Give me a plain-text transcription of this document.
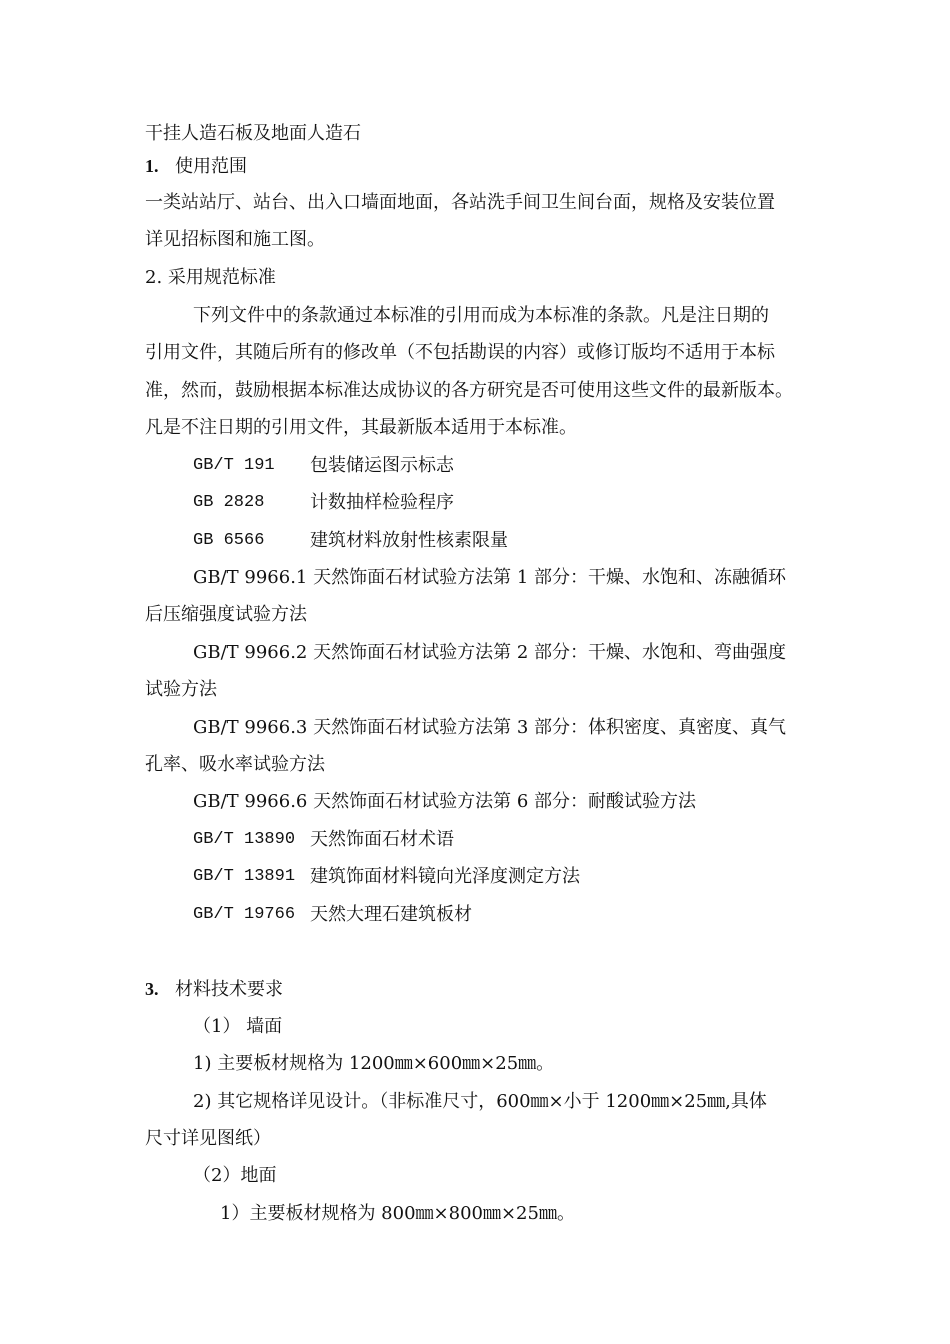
干挂人造石板及地面人造石
1. 使用范围
一类站站厅、站台、出入口墙面地面，各站洗手间卫生间台面，规格及安装位置
详见招标图和施工图。
2. 采用规范标准
下列文件中的条款通过本标准的引用而成为本标准的条款。凡是注日期的
引用文件，其随后所有的修改单（不包括勘误的内容）或修订版均不适用于本标
准，然而，鼓励根据本标准达成协议的各方研究是否可使用这些文件的最新版本。
凡是不注日期的引用文件，其最新版本适用于本标准。
GB/T 191 包装储运图示标志
GB 2828	计数抽样检验程序
GB 6566	建筑材料放射性核素限量
GB/T 9966.1 天然饰面石材试验方法第 1 部分：干燥、水饱和、冻融循环
后压缩强度试验方法
GB/T 9966.2 天然饰面石材试验方法第 2 部分：干燥、水饱和、弯曲强度
试验方法
GB/T 9966.3 天然饰面石材试验方法第 3 部分：体积密度、真密度、真气
孔率、吸水率试验方法
GB/T 9966.6 天然饰面石材试验方法第 6 部分：耐酸试验方法
GB/T 13890 天然饰面石材术语
GB/T 13891 建筑饰面材料镜向光泽度测定方法
GB/T 19766 天然大理石建筑板材
3. 材料技术要求
（1） 墙面
1) 主要板材规格为 1200㎜×600㎜×25㎜。
2) 其它规格详见设计。（非标准尺寸，600㎜×小于 1200㎜×25㎜,具体
尺寸详见图纸）
（2）地面
1）主要板材规格为 800㎜×800㎜×25㎜。
